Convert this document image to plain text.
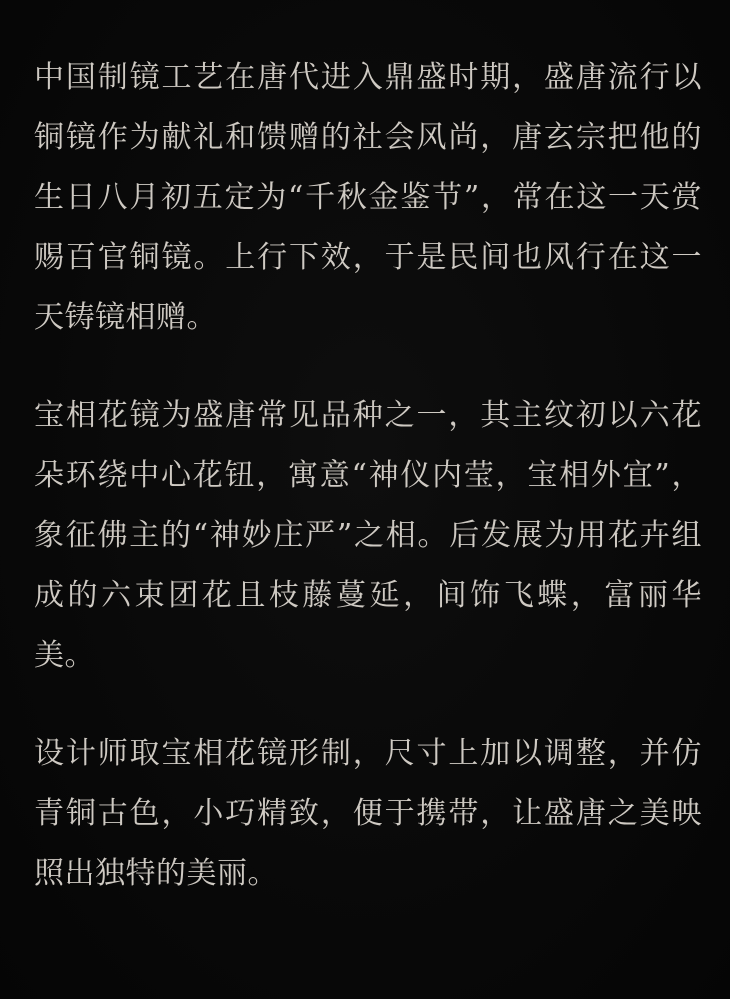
中国制镜工艺在唐代进入鼎盛时期，盛唐流行以铜镜作为献礼和馈赠的社会风尚，唐玄宗把他的生日八月初五定为“千秋金鉴节”，常在这一天赏赐百官铜镜。上行下效，于是民间也风行在这一天铸镜相赠。

宝相花镜为盛唐常见品种之一，其主纹初以六花朵环绕中心花钮，寓意“神仪内莹，宝相外宜”，象征佛主的“神妙庄严”之相。后发展为用花卉组成的六束团花且枝藤蔓延，间饰飞蝶，富丽华美。

设计师取宝相花镜形制，尺寸上加以调整，并仿青铜古色，小巧精致，便于携带，让盛唐之美映照出独特的美丽。
